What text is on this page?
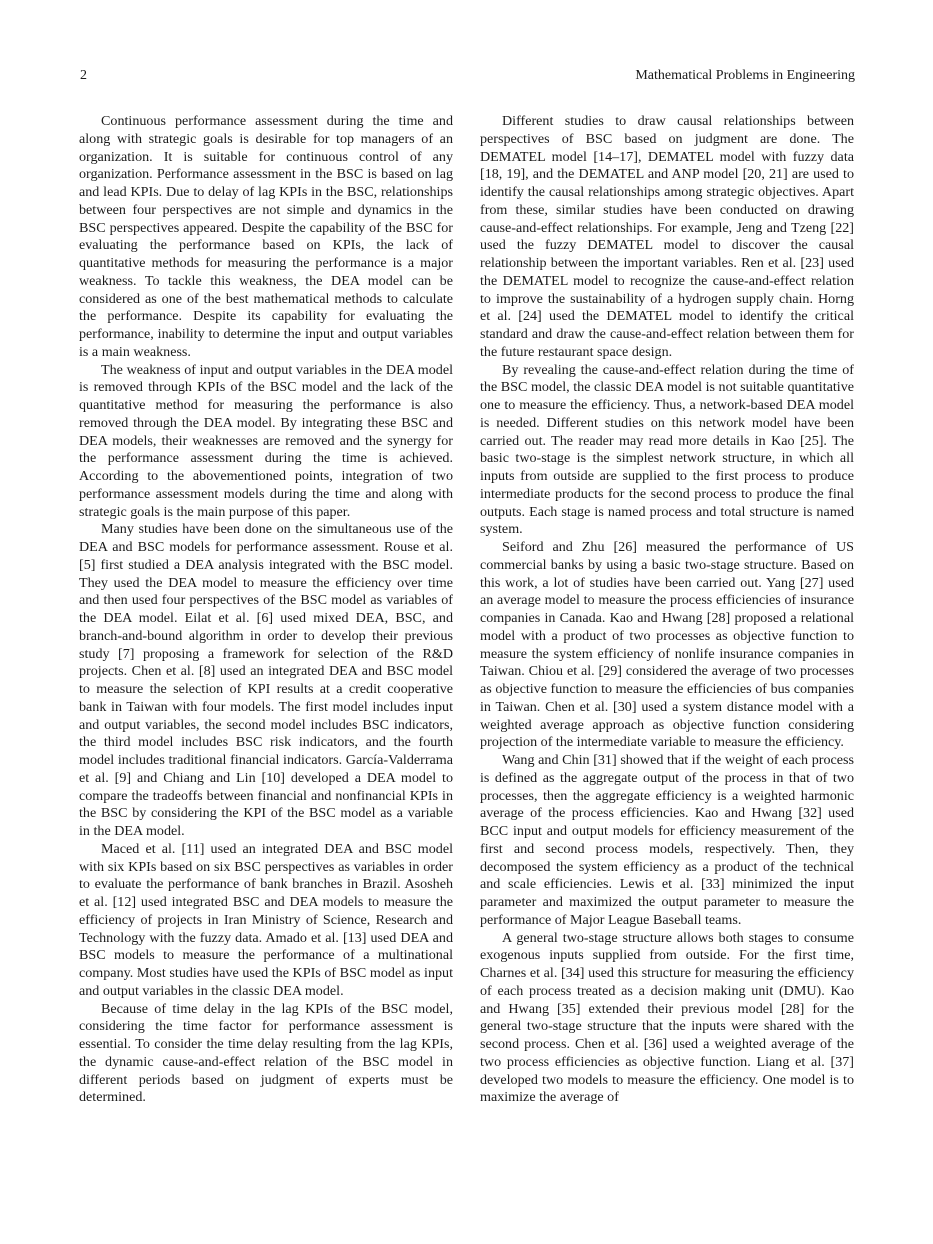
2	Mathematical Problems in Engineering

Continuous performance assessment during the time and along with strategic goals is desirable for top managers of an organization. It is suitable for continuous control of any organization. Performance assessment in the BSC is based on lag and lead KPIs. Due to delay of lag KPIs in the BSC, relationships between four perspectives are not simple and dynamics in the BSC perspectives appeared. Despite the capability of the BSC for evaluating the performance based on KPIs, the lack of quantitative methods for measuring the performance is a major weakness. To tackle this weakness, the DEA model can be considered as one of the best mathematical methods to calculate the performance. Despite its capability for evaluating the performance, inability to determine the input and output variables is a main weakness.

The weakness of input and output variables in the DEA model is removed through KPIs of the BSC model and the lack of the quantitative method for measuring the performance is also removed through the DEA model. By integrating these BSC and DEA models, their weaknesses are removed and the synergy for the performance assessment during the time is achieved. According to the abovementioned points, integration of two performance assessment models during the time and along with strategic goals is the main purpose of this paper.

Many studies have been done on the simultaneous use of the DEA and BSC models for performance assessment. Rouse et al. [5] first studied a DEA analysis integrated with the BSC model. They used the DEA model to measure the efficiency over time and then used four perspectives of the BSC model as variables of the DEA model. Eilat et al. [6] used mixed DEA, BSC, and branch-and-bound algorithm in order to develop their previous study [7] proposing a framework for selection of the R&D projects. Chen et al. [8] used an integrated DEA and BSC model to measure the selection of KPI results at a credit cooperative bank in Taiwan with four models. The first model includes input and output variables, the second model includes BSC indicators, the third model includes BSC risk indicators, and the fourth model includes traditional financial indicators. García-Valderrama et al. [9] and Chiang and Lin [10] developed a DEA model to compare the tradeoffs between financial and nonfinancial KPIs in the BSC by considering the KPI of the BSC model as a variable in the DEA model.

Maced et al. [11] used an integrated DEA and BSC model with six KPIs based on six BSC perspectives as variables in order to evaluate the performance of bank branches in Brazil. Asosheh et al. [12] used integrated BSC and DEA models to measure the efficiency of projects in Iran Ministry of Science, Research and Technology with the fuzzy data. Amado et al. [13] used DEA and BSC models to measure the performance of a multinational company. Most studies have used the KPIs of BSC model as input and output variables in the classic DEA model.

Because of time delay in the lag KPIs of the BSC model, considering the time factor for performance assessment is essential. To consider the time delay resulting from the lag KPIs, the dynamic cause-and-effect relation of the BSC model in different periods based on judgment of experts must be determined.

Different studies to draw causal relationships between perspectives of BSC based on judgment are done. The DEMATEL model [14–17], DEMATEL model with fuzzy data [18, 19], and the DEMATEL and ANP model [20, 21] are used to identify the causal relationships among strategic objectives. Apart from these, similar studies have been conducted on drawing cause-and-effect relationships. For example, Jeng and Tzeng [22] used the fuzzy DEMATEL model to discover the causal relationship between the important variables. Ren et al. [23] used the DEMATEL model to recognize the cause-and-effect relation to improve the sustainability of a hydrogen supply chain. Horng et al. [24] used the DEMATEL model to identify the critical standard and draw the cause-and-effect relation between them for the future restaurant space design.

By revealing the cause-and-effect relation during the time of the BSC model, the classic DEA model is not suitable quantitative one to measure the efficiency. Thus, a network-based DEA model is needed. Different studies on this network model have been carried out. The reader may read more details in Kao [25]. The basic two-stage is the simplest network structure, in which all inputs from outside are supplied to the first process to produce intermediate products for the second process to produce the final outputs. Each stage is named process and total structure is named system.

Seiford and Zhu [26] measured the performance of US commercial banks by using a basic two-stage structure. Based on this work, a lot of studies have been carried out. Yang [27] used an average model to measure the process efficiencies of insurance companies in Canada. Kao and Hwang [28] proposed a relational model with a product of two processes as objective function to measure the system efficiency of nonlife insurance companies in Taiwan. Chiou et al. [29] considered the average of two processes as objective function to measure the efficiencies of bus companies in Taiwan. Chen et al. [30] used a system distance model with a weighted average approach as objective function considering projection of the intermediate variable to measure the efficiency.

Wang and Chin [31] showed that if the weight of each process is defined as the aggregate output of the process in that of two processes, then the aggregate efficiency is a weighted harmonic average of the process efficiencies. Kao and Hwang [32] used BCC input and output models for efficiency measurement of the first and second process models, respectively. Then, they decomposed the system efficiency as a product of the technical and scale efficiencies. Lewis et al. [33] minimized the input parameter and maximized the output parameter to measure the performance of Major League Baseball teams.

A general two-stage structure allows both stages to consume exogenous inputs supplied from outside. For the first time, Charnes et al. [34] used this structure for measuring the efficiency of each process treated as a decision making unit (DMU). Kao and Hwang [35] extended their previous model [28] for the general two-stage structure that the inputs were shared with the second process. Chen et al. [36] used a weighted average of the two process efficiencies as objective function. Liang et al. [37] developed two models to measure the efficiency. One model is to maximize the average of
